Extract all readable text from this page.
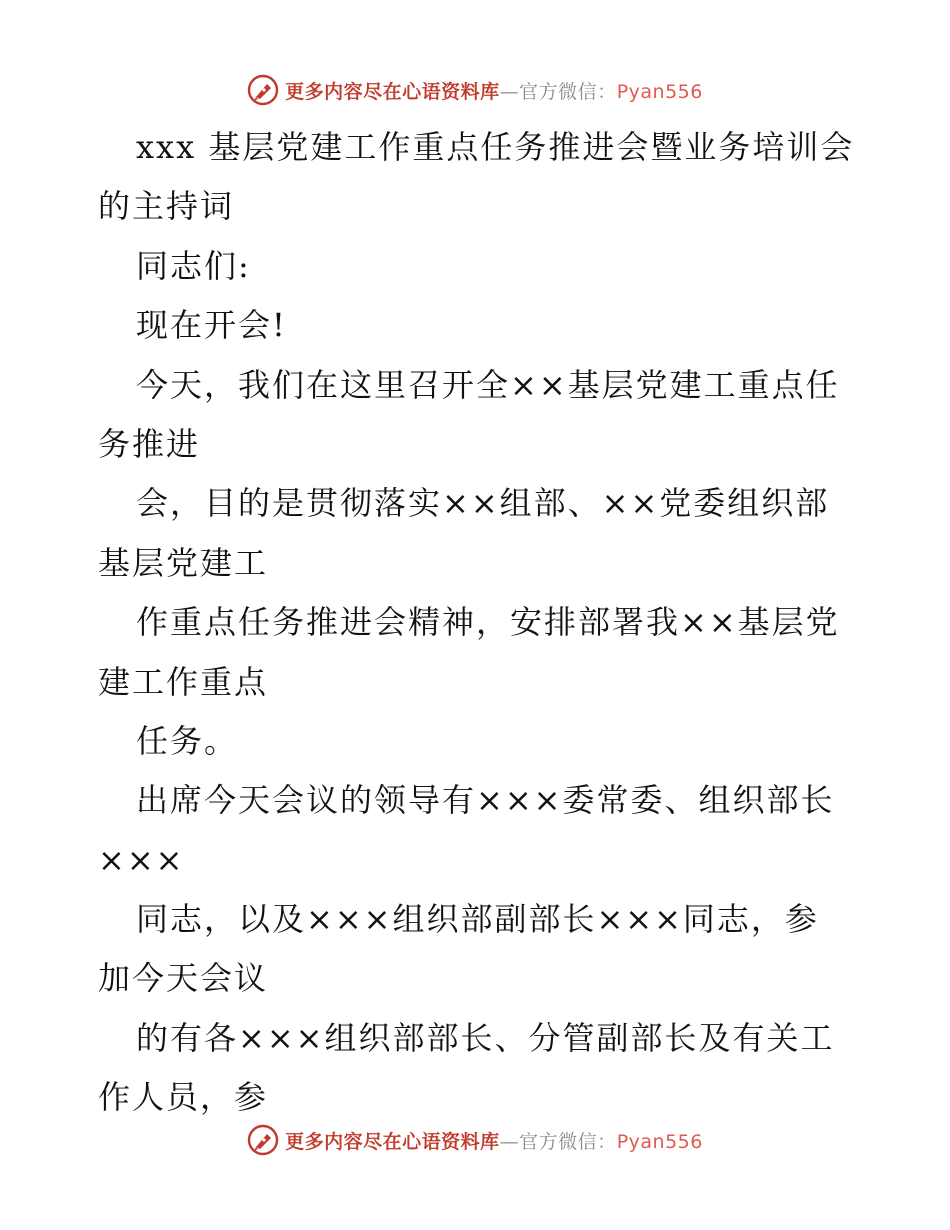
更多内容尽在心语资料库—官方微信：Pyan556
xxx 基层党建工作重点任务推进会暨业务培训会
的主持词
同志们:
现在开会!
今天，我们在这里召开全××基层党建工重点任
务推进
会，目的是贯彻落实××组部、××党委组织部
基层党建工
作重点任务推进会精神，安排部署我××基层党
建工作重点
任务。
出席今天会议的领导有×××委常委、组织部长
×××
同志，以及×××组织部副部长×××同志，参
加今天会议
的有各×××组织部部长、分管副部长及有关工
作人员，参
更多内容尽在心语资料库—官方微信：Pyan556
